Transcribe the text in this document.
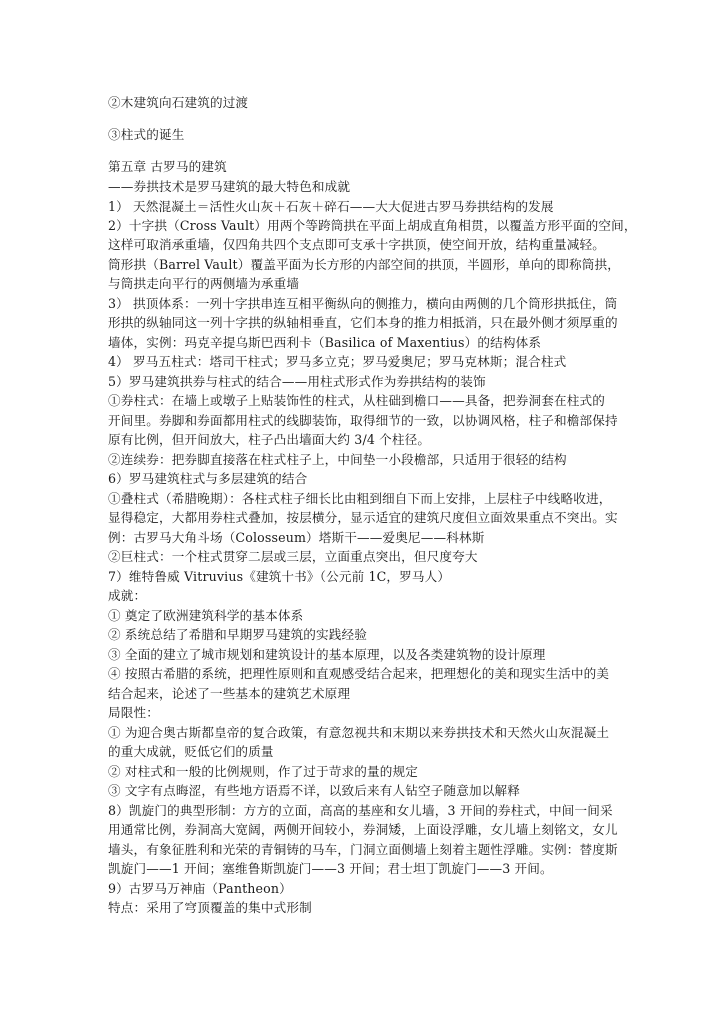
②木建筑向石建筑的过渡
③柱式的诞生
第五章 古罗马的建筑
——券拱技术是罗马建筑的最大特色和成就
1） 天然混凝土＝活性火山灰＋石灰＋碎石——大大促进古罗马券拱结构的发展
2）十字拱（Cross Vault）用两个等跨筒拱在平面上胡成直角相贯，以覆盖方形平面的空间，
这样可取消承重墙，仅四角共四个支点即可支承十字拱顶，使空间开放，结构重量减轻。
筒形拱（Barrel Vault）覆盖平面为长方形的内部空间的拱顶，半圆形，单向的即称筒拱，
与筒拱走向平行的两侧墙为承重墙
3） 拱顶体系：一列十字拱串连互相平衡纵向的侧推力，横向由两侧的几个筒形拱抵住，筒
形拱的纵轴同这一列十字拱的纵轴相垂直，它们本身的推力相抵消，只在最外侧才须厚重的
墙体，实例：玛克辛提乌斯巴西利卡（Basilica of Maxentius）的结构体系
4） 罗马五柱式：塔司干柱式；罗马多立克；罗马爱奥尼；罗马克林斯；混合柱式
5）罗马建筑拱券与柱式的结合——用柱式形式作为券拱结构的装饰
①券柱式：在墙上或墩子上贴装饰性的柱式，从柱础到檐口——具备，把券洞套在柱式的
开间里。券脚和券面都用柱式的线脚装饰，取得细节的一致，以协调风格，柱子和檐部保持
原有比例，但开间放大，柱子凸出墙面大约 3/4 个柱径。
②连续券：把券脚直接落在柱式柱子上，中间垫一小段檐部，只适用于很轻的结构
6）罗马建筑柱式与多层建筑的结合
①叠柱式（希腊晚期）：各柱式柱子细长比由粗到细自下而上安排，上层柱子中线略收进，
显得稳定，大都用券柱式叠加，按层横分，显示适宜的建筑尺度但立面效果重点不突出。实
例：古罗马大角斗场（Colosseum）塔斯干——爱奥尼——科林斯
②巨柱式：一个柱式贯穿二层或三层，立面重点突出，但尺度夸大
7）维特鲁威 Vitruvius《建筑十书》（公元前 1C，罗马人）
成就：
① 奠定了欧洲建筑科学的基本体系
② 系统总结了希腊和早期罗马建筑的实践经验
③ 全面的建立了城市规划和建筑设计的基本原理，以及各类建筑物的设计原理
④ 按照古希腊的系统，把理性原则和直观感受结合起来，把理想化的美和现实生活中的美
结合起来，论述了一些基本的建筑艺术原理
局限性：
① 为迎合奥古斯都皇帝的复合政策，有意忽视共和末期以来券拱技术和天然火山灰混凝土
的重大成就，贬低它们的质量
② 对柱式和一般的比例规则，作了过于苛求的量的规定
③ 文字有点晦涩，有些地方语焉不详，以致后来有人钻空子随意加以解释
8）凯旋门的典型形制：方方的立面，高高的基座和女儿墙，3 开间的券柱式，中间一间采
用通常比例，券洞高大宽阔，两侧开间较小，券洞矮，上面设浮雕，女儿墙上刻铭文，女儿
墙头，有象征胜利和光荣的青铜铸的马车，门洞立面侧墙上刻着主题性浮雕。实例：替度斯
凯旋门——1 开间；塞维鲁斯凯旋门——3 开间；君士坦丁凯旋门——3 开间。
9）古罗马万神庙（Pantheon）
特点：采用了穹顶覆盖的集中式形制
